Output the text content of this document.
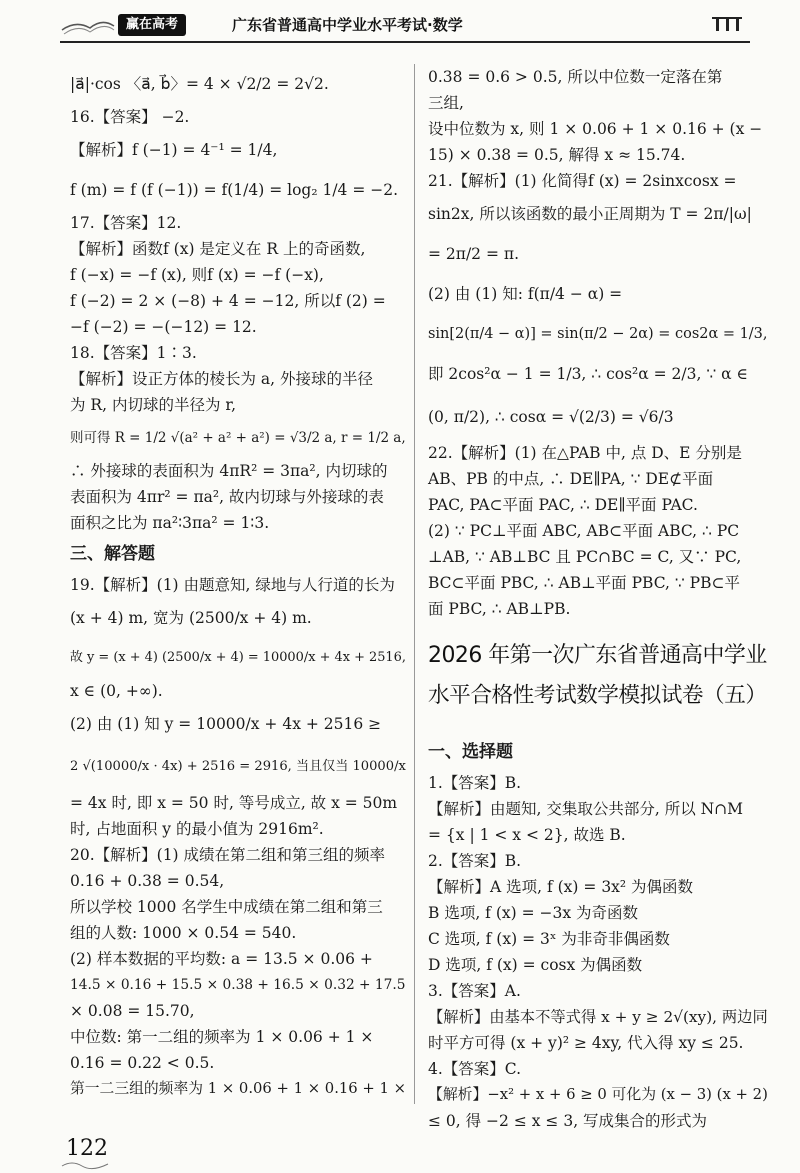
赢在高考	广东省普通高中学业水平考试·数学
|a⃗|·cos 〈a⃗, b⃗〉= 4 × √2/2 = 2√2.
16.【答案】 −2.
【解析】f (−1) = 4⁻¹ = 1/4,
f (m) = f (f (−1)) = f(1/4) = log₂ 1/4 = −2.
17.【答案】12.
【解析】函数f (x) 是定义在 R 上的奇函数,
f (−x) = −f (x), 则f (x) = −f (−x),
f (−2) = 2 × (−8) + 4 = −12, 所以f (2) =
−f (−2) = −(−12) = 12.
18.【答案】1∶3.
【解析】设正方体的棱长为 a, 外接球的半径
为 R, 内切球的半径为 r,
则可得 R = 1/2 √(a² + a² + a²) = √3/2 a, r = 1/2 a,
∴ 外接球的表面积为 4πR² = 3πa², 内切球的
表面积为 4πr² = πa², 故内切球与外接球的表
面积之比为 πa²∶3πa² = 1∶3.
三、解答题
19.【解析】(1) 由题意知, 绿地与人行道的长为
(x + 4) m, 宽为 (2500/x + 4) m.
故 y = (x + 4) (2500/x + 4) = 10000/x + 4x + 2516,
x ∈ (0, +∞).
(2) 由 (1) 知 y = 10000/x + 4x + 2516 ≥
2 √(10000/x · 4x) + 2516 = 2916, 当且仅当 10000/x
= 4x 时, 即 x = 50 时, 等号成立, 故 x = 50m
时, 占地面积 y 的最小值为 2916m².
20.【解析】(1) 成绩在第二组和第三组的频率
0.16 + 0.38 = 0.54,
所以学校 1000 名学生中成绩在第二组和第三
组的人数: 1000 × 0.54 = 540.
(2) 样本数据的平均数: a = 13.5 × 0.06 +
14.5 × 0.16 + 15.5 × 0.38 + 16.5 × 0.32 + 17.5
× 0.08 = 15.70,
中位数: 第一二组的频率为 1 × 0.06 + 1 ×
0.16 = 0.22 < 0.5.
第一二三组的频率为 1 × 0.06 + 1 × 0.16 + 1 ×
0.38 = 0.6 > 0.5, 所以中位数一定落在第
三组,
设中位数为 x, 则 1 × 0.06 + 1 × 0.16 + (x −
15) × 0.38 = 0.5, 解得 x ≈ 15.74.
21.【解析】(1) 化简得f (x) = 2sinxcosx =
sin2x, 所以该函数的最小正周期为 T = 2π/|ω|
= 2π/2 = π.
(2) 由 (1) 知: f(π/4 − α) =
sin[2(π/4 − α)] = sin(π/2 − 2α) = cos2α = 1/3,
即 2cos²α − 1 = 1/3, ∴ cos²α = 2/3, ∵ α ∈
(0, π/2), ∴ cosα = √(2/3) = √6/3
22.【解析】(1) 在△PAB 中, 点 D、E 分别是
AB、PB 的中点, ∴ DE∥PA, ∵ DE⊄平面
PAC, PA⊂平面 PAC, ∴ DE∥平面 PAC.
(2) ∵ PC⊥平面 ABC, AB⊂平面 ABC, ∴ PC
⊥AB, ∵ AB⊥BC 且 PC∩BC = C, 又∵ PC,
BC⊂平面 PBC, ∴ AB⊥平面 PBC, ∵ PB⊂平
面 PBC, ∴ AB⊥PB.
2026 年第一次广东省普通高中学业
水平合格性考试数学模拟试卷（五）
一、选择题
1.【答案】B.
【解析】由题知, 交集取公共部分, 所以 N∩M
= {x | 1 < x < 2}, 故选 B.
2.【答案】B.
【解析】A 选项, f (x) = 3x² 为偶函数
B 选项, f (x) = −3x 为奇函数
C 选项, f (x) = 3ˣ 为非奇非偶函数
D 选项, f (x) = cosx 为偶函数
3.【答案】A.
【解析】由基本不等式得 x + y ≥ 2√(xy), 两边同
时平方可得 (x + y)² ≥ 4xy, 代入得 xy ≤ 25.
4.【答案】C.
【解析】−x² + x + 6 ≥ 0 可化为 (x − 3) (x + 2)
≤ 0, 得 −2 ≤ x ≤ 3, 写成集合的形式为
122
